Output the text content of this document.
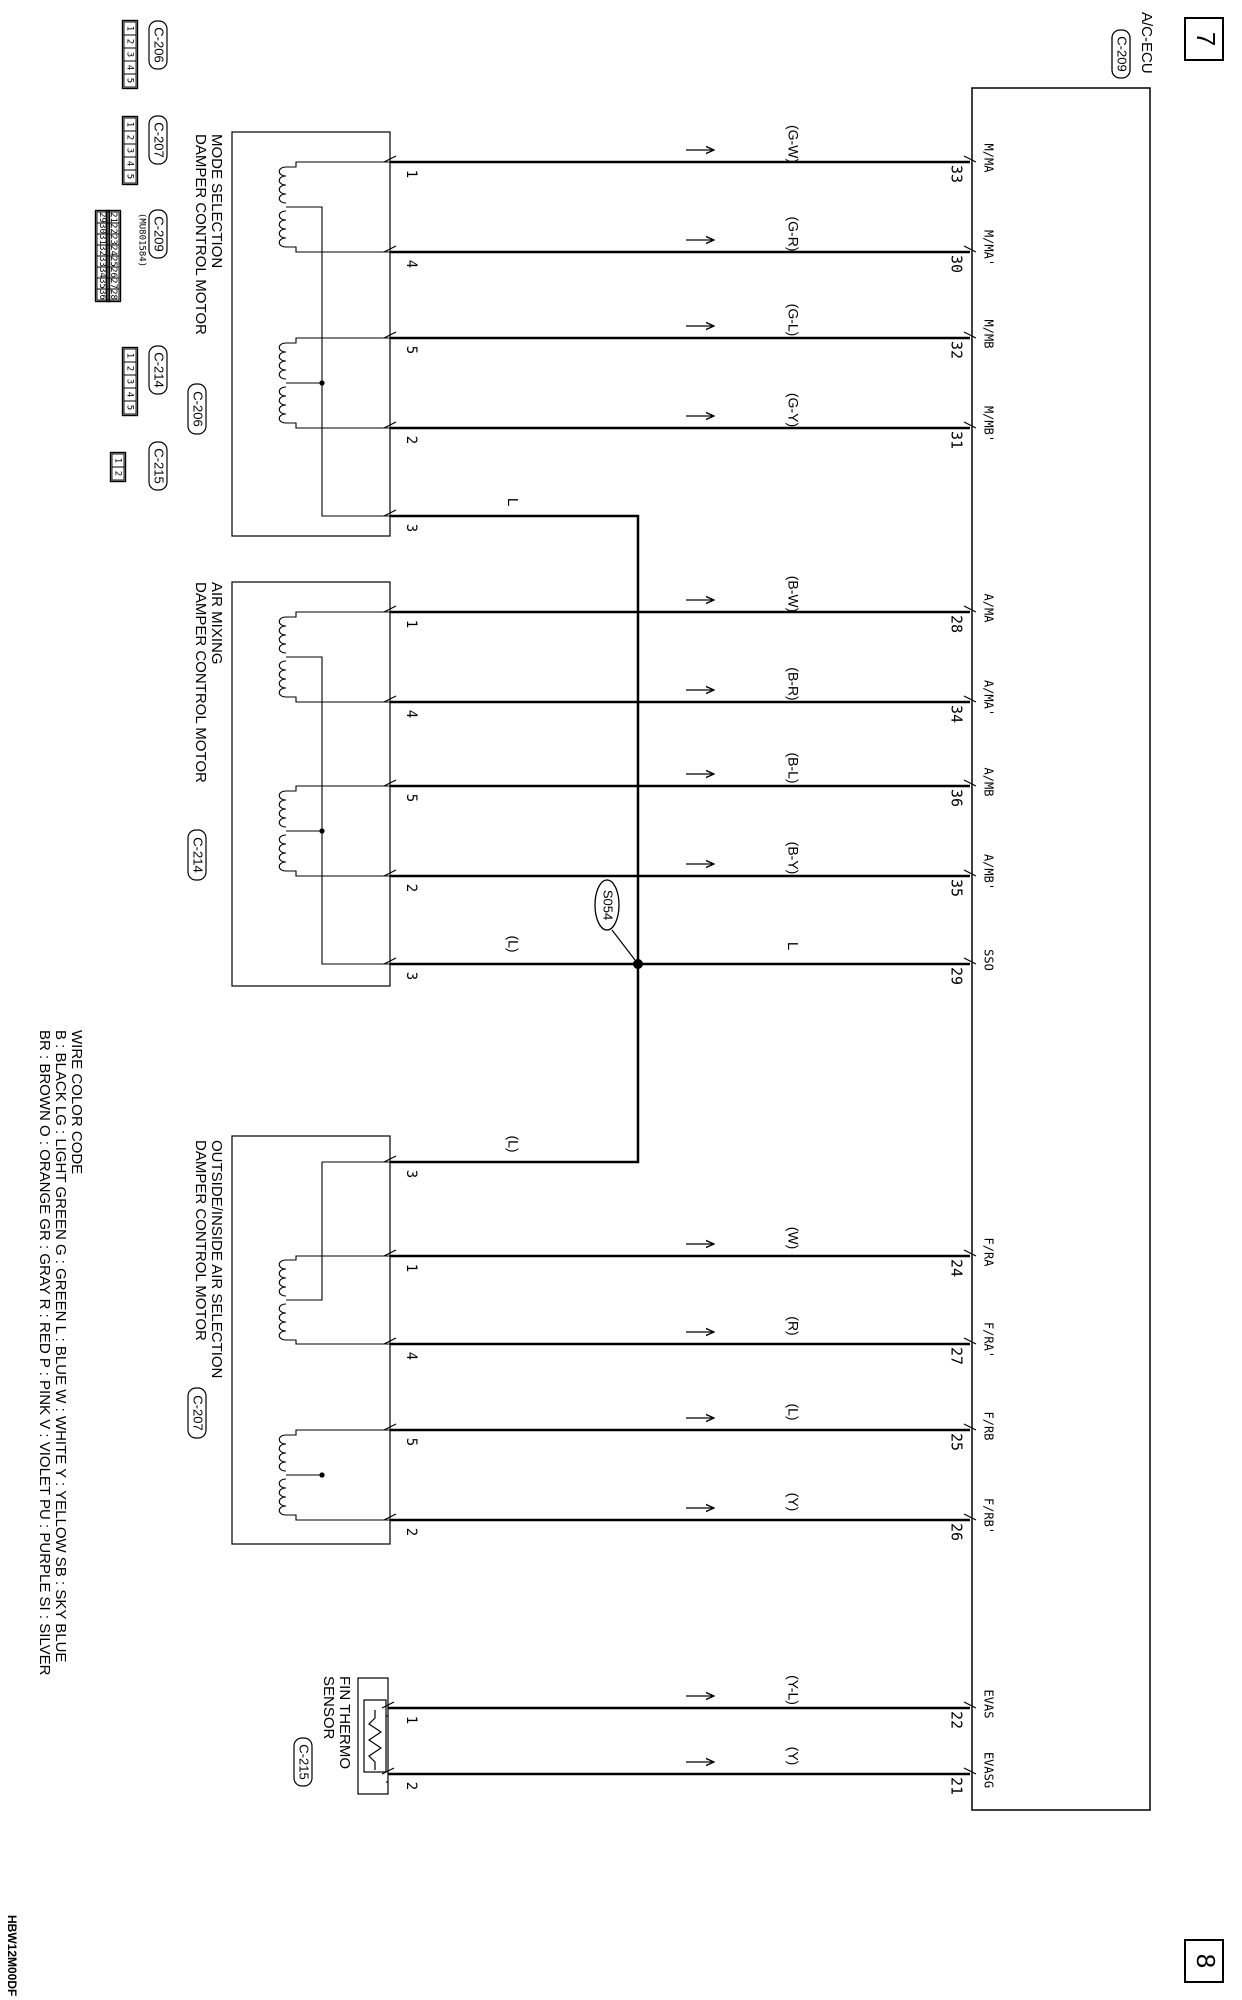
7
8
A/C-ECU
C-209
MODE SELECTION
DAMPER CONTROL MOTOR
C-206
AIR MIXING
DAMPER CONTROL MOTOR
C-214
OUTSIDE/INSIDE AIR SELECTION
DAMPER CONTROL MOTOR
C-207
FIN THERMO
SENSOR
C-215
S054
L
3
(L)
3
(L)
3
1
(G-W)
33
M/MA
4
(G-R)
30 M/MA'
5
(G-L)
32
M/MB
2
(G-Y)
31 M/MB'
1
(B-W)
28
A/MA
4
(B-R)
34 A/MA'
5
(B-L)
36
A/MB
2
(B-Y)
35 A/MB'
L
29
SSO
1
(W)
24
F/RA
4
(R)
27 F/RA'
5
(L)
25
F/RB
2
(Y)
26 F/RB'
1
(Y-L)
22
EVAS
2
(Y)
21 EVASG
C-206
1
2
3
4
5
C-207
1
2
3
4
5
C-209
(MU801584)
21
22
23
24
25
26
27
28
29
30
31
32
33
34
35
36
C-214
1
2
3
4
5
C-215
1
2
WIRE COLOR CODE
B : BLACK LG : LIGHT GREEN G : GREEN L : BLUE W : WHITE Y : YELLOW SB : SKY BLUE
BR : BROWN O : ORANGE GR : GRAY R : RED P : PINK V : VIOLET PU : PURPLE SI : SILVER
HBW12M00DF
